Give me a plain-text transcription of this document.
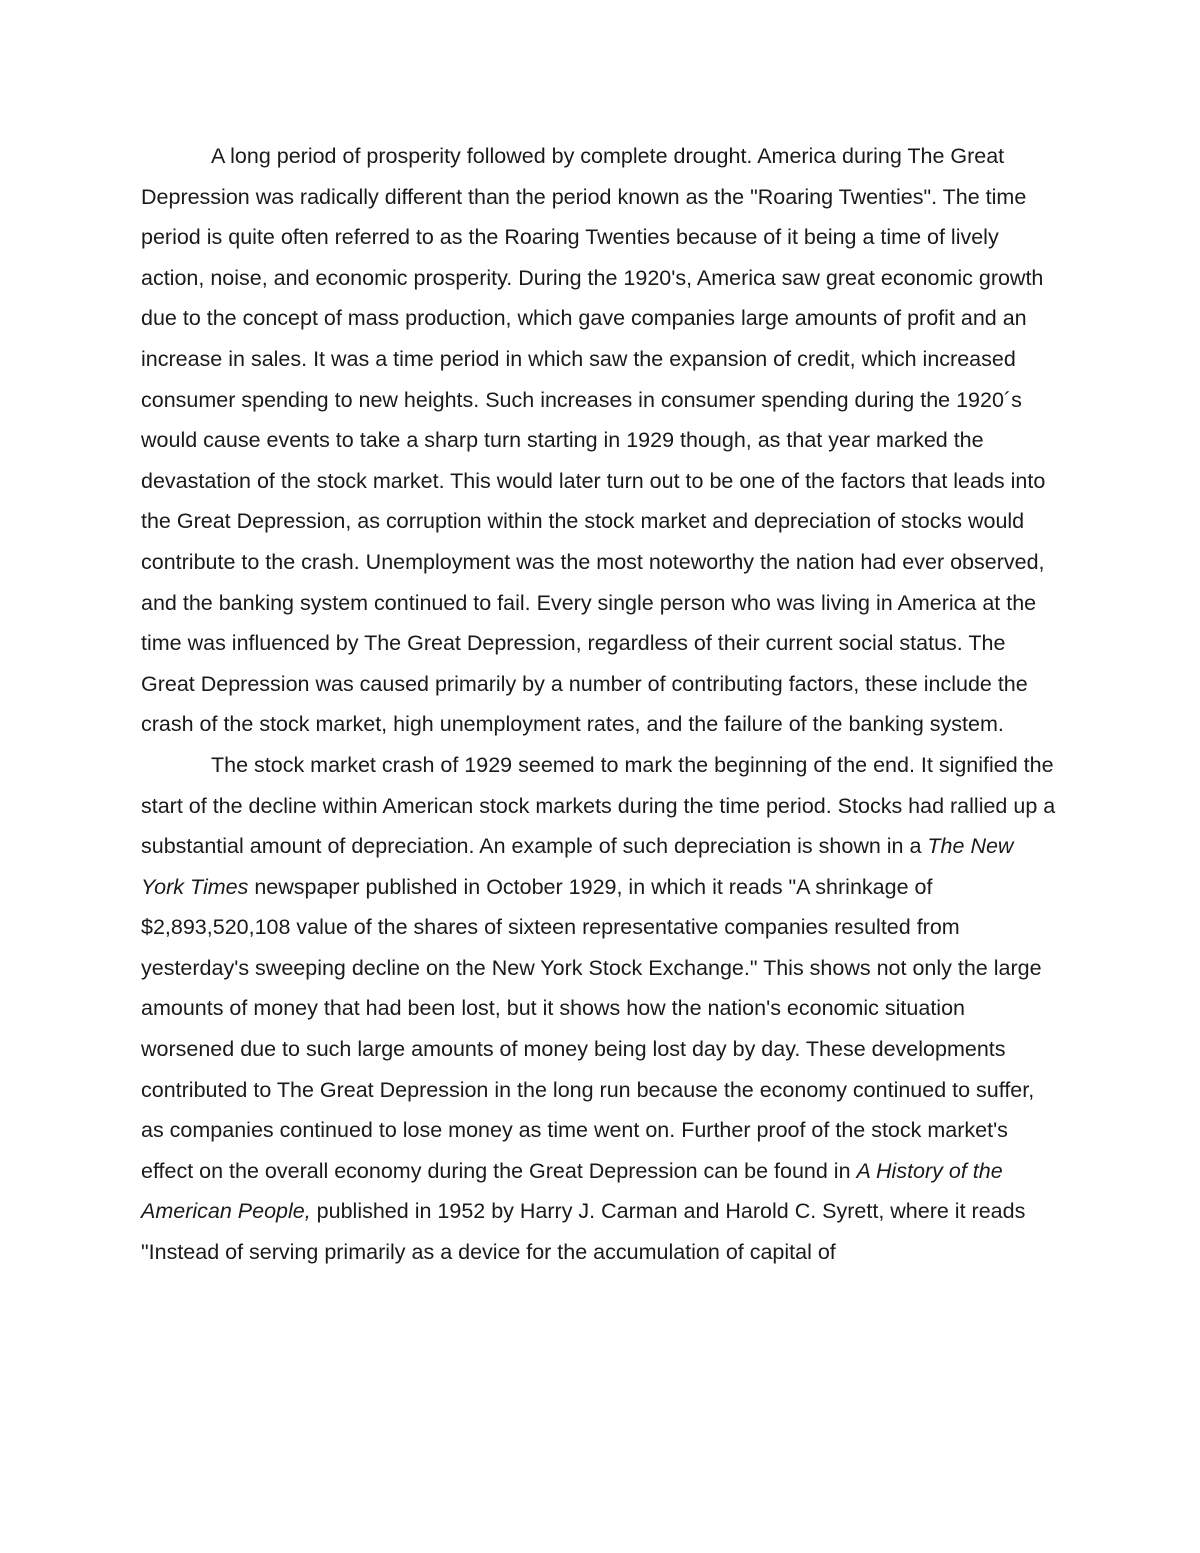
A long period of prosperity followed by complete drought. America during The Great Depression was radically different than the period known as the "Roaring Twenties". The time period is quite often referred to as the Roaring Twenties because of it being a time of lively action, noise, and economic prosperity. During the 1920's, America saw great economic growth due to the concept of mass production, which gave companies large amounts of profit and an increase in sales. It was a time period in which saw the expansion of credit, which increased consumer spending to new heights. Such increases in consumer spending during the 1920´s would cause events to take a sharp turn starting in 1929 though, as that year marked the devastation of the stock market. This would later turn out to be one of the factors that leads into the Great Depression, as corruption within the stock market and depreciation of stocks would contribute to the crash. Unemployment was the most noteworthy the nation had ever observed, and the banking system continued to fail. Every single person who was living in America at the time was influenced by The Great Depression, regardless of their current social status. The Great Depression was caused primarily by a number of contributing factors, these include the crash of the stock market, high unemployment rates, and the failure of the banking system.

The stock market crash of 1929 seemed to mark the beginning of the end. It signified the start of the decline within American stock markets during the time period. Stocks had rallied up a substantial amount of depreciation. An example of such depreciation is shown in a The New York Times newspaper published in October 1929, in which it reads "A shrinkage of $2,893,520,108 value of the shares of sixteen representative companies resulted from yesterday's sweeping decline on the New York Stock Exchange." This shows not only the large amounts of money that had been lost, but it shows how the nation's economic situation worsened due to such large amounts of money being lost day by day. These developments contributed to The Great Depression in the long run because the economy continued to suffer, as companies continued to lose money as time went on. Further proof of the stock market's effect on the overall economy during the Great Depression can be found in A History of the American People, published in 1952 by Harry J. Carman and Harold C. Syrett, where it reads "Instead of serving primarily as a device for the accumulation of capital of
